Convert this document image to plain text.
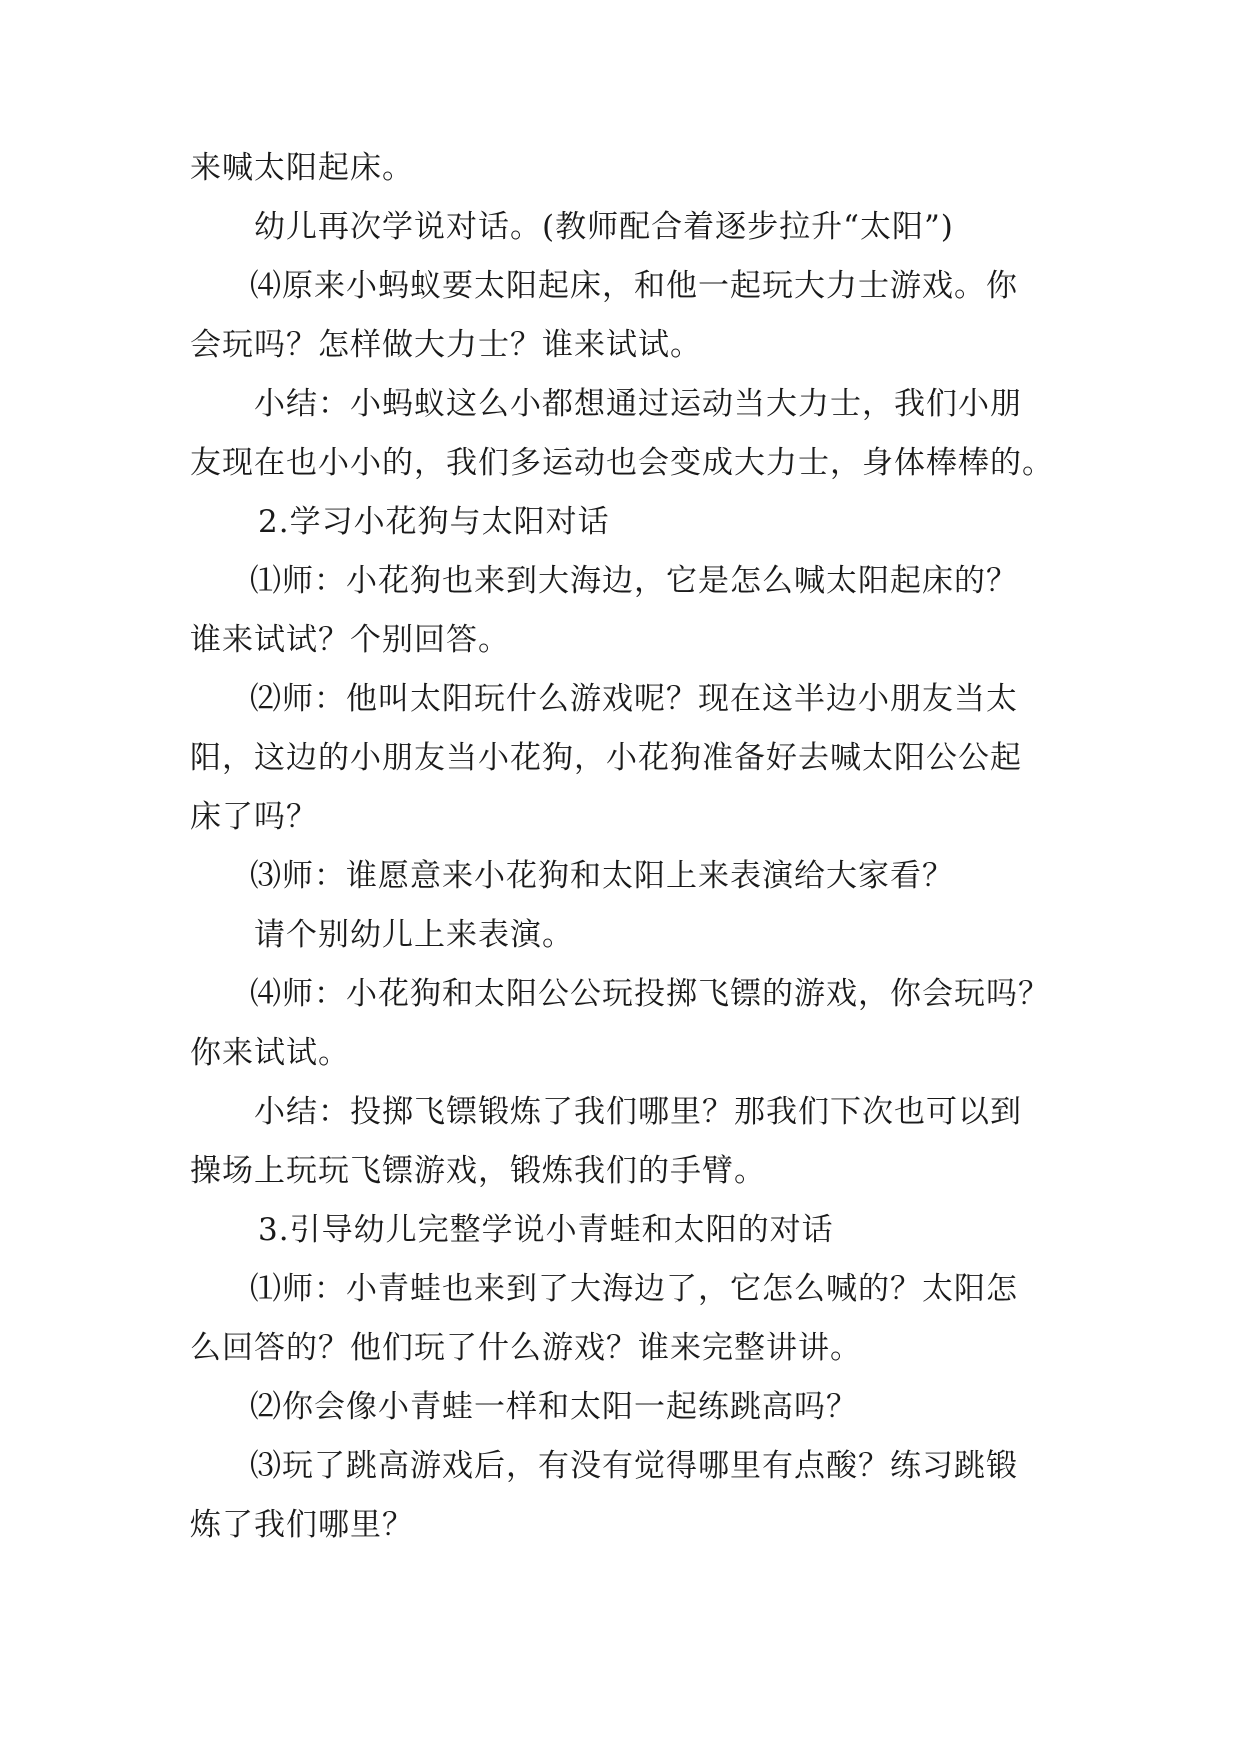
来喊太阳起床。
幼儿再次学说对话。(教师配合着逐步拉升“太阳”)
⑷原来小蚂蚁要太阳起床，和他一起玩大力士游戏。你
会玩吗？怎样做大力士？谁来试试。
小结：小蚂蚁这么小都想通过运动当大力士，我们小朋
友现在也小小的，我们多运动也会变成大力士，身体棒棒的。
2.学习小花狗与太阳对话
⑴师：小花狗也来到大海边，它是怎么喊太阳起床的？
谁来试试？个别回答。
⑵师：他叫太阳玩什么游戏呢？现在这半边小朋友当太
阳，这边的小朋友当小花狗，小花狗准备好去喊太阳公公起
床了吗？
⑶师：谁愿意来小花狗和太阳上来表演给大家看？
请个别幼儿上来表演。
⑷师：小花狗和太阳公公玩投掷飞镖的游戏，你会玩吗？
你来试试。
小结：投掷飞镖锻炼了我们哪里？那我们下次也可以到
操场上玩玩飞镖游戏，锻炼我们的手臂。
3.引导幼儿完整学说小青蛙和太阳的对话
⑴师：小青蛙也来到了大海边了，它怎么喊的？太阳怎
么回答的？他们玩了什么游戏？谁来完整讲讲。
⑵你会像小青蛙一样和太阳一起练跳高吗？
⑶玩了跳高游戏后，有没有觉得哪里有点酸？练习跳锻
炼了我们哪里？
